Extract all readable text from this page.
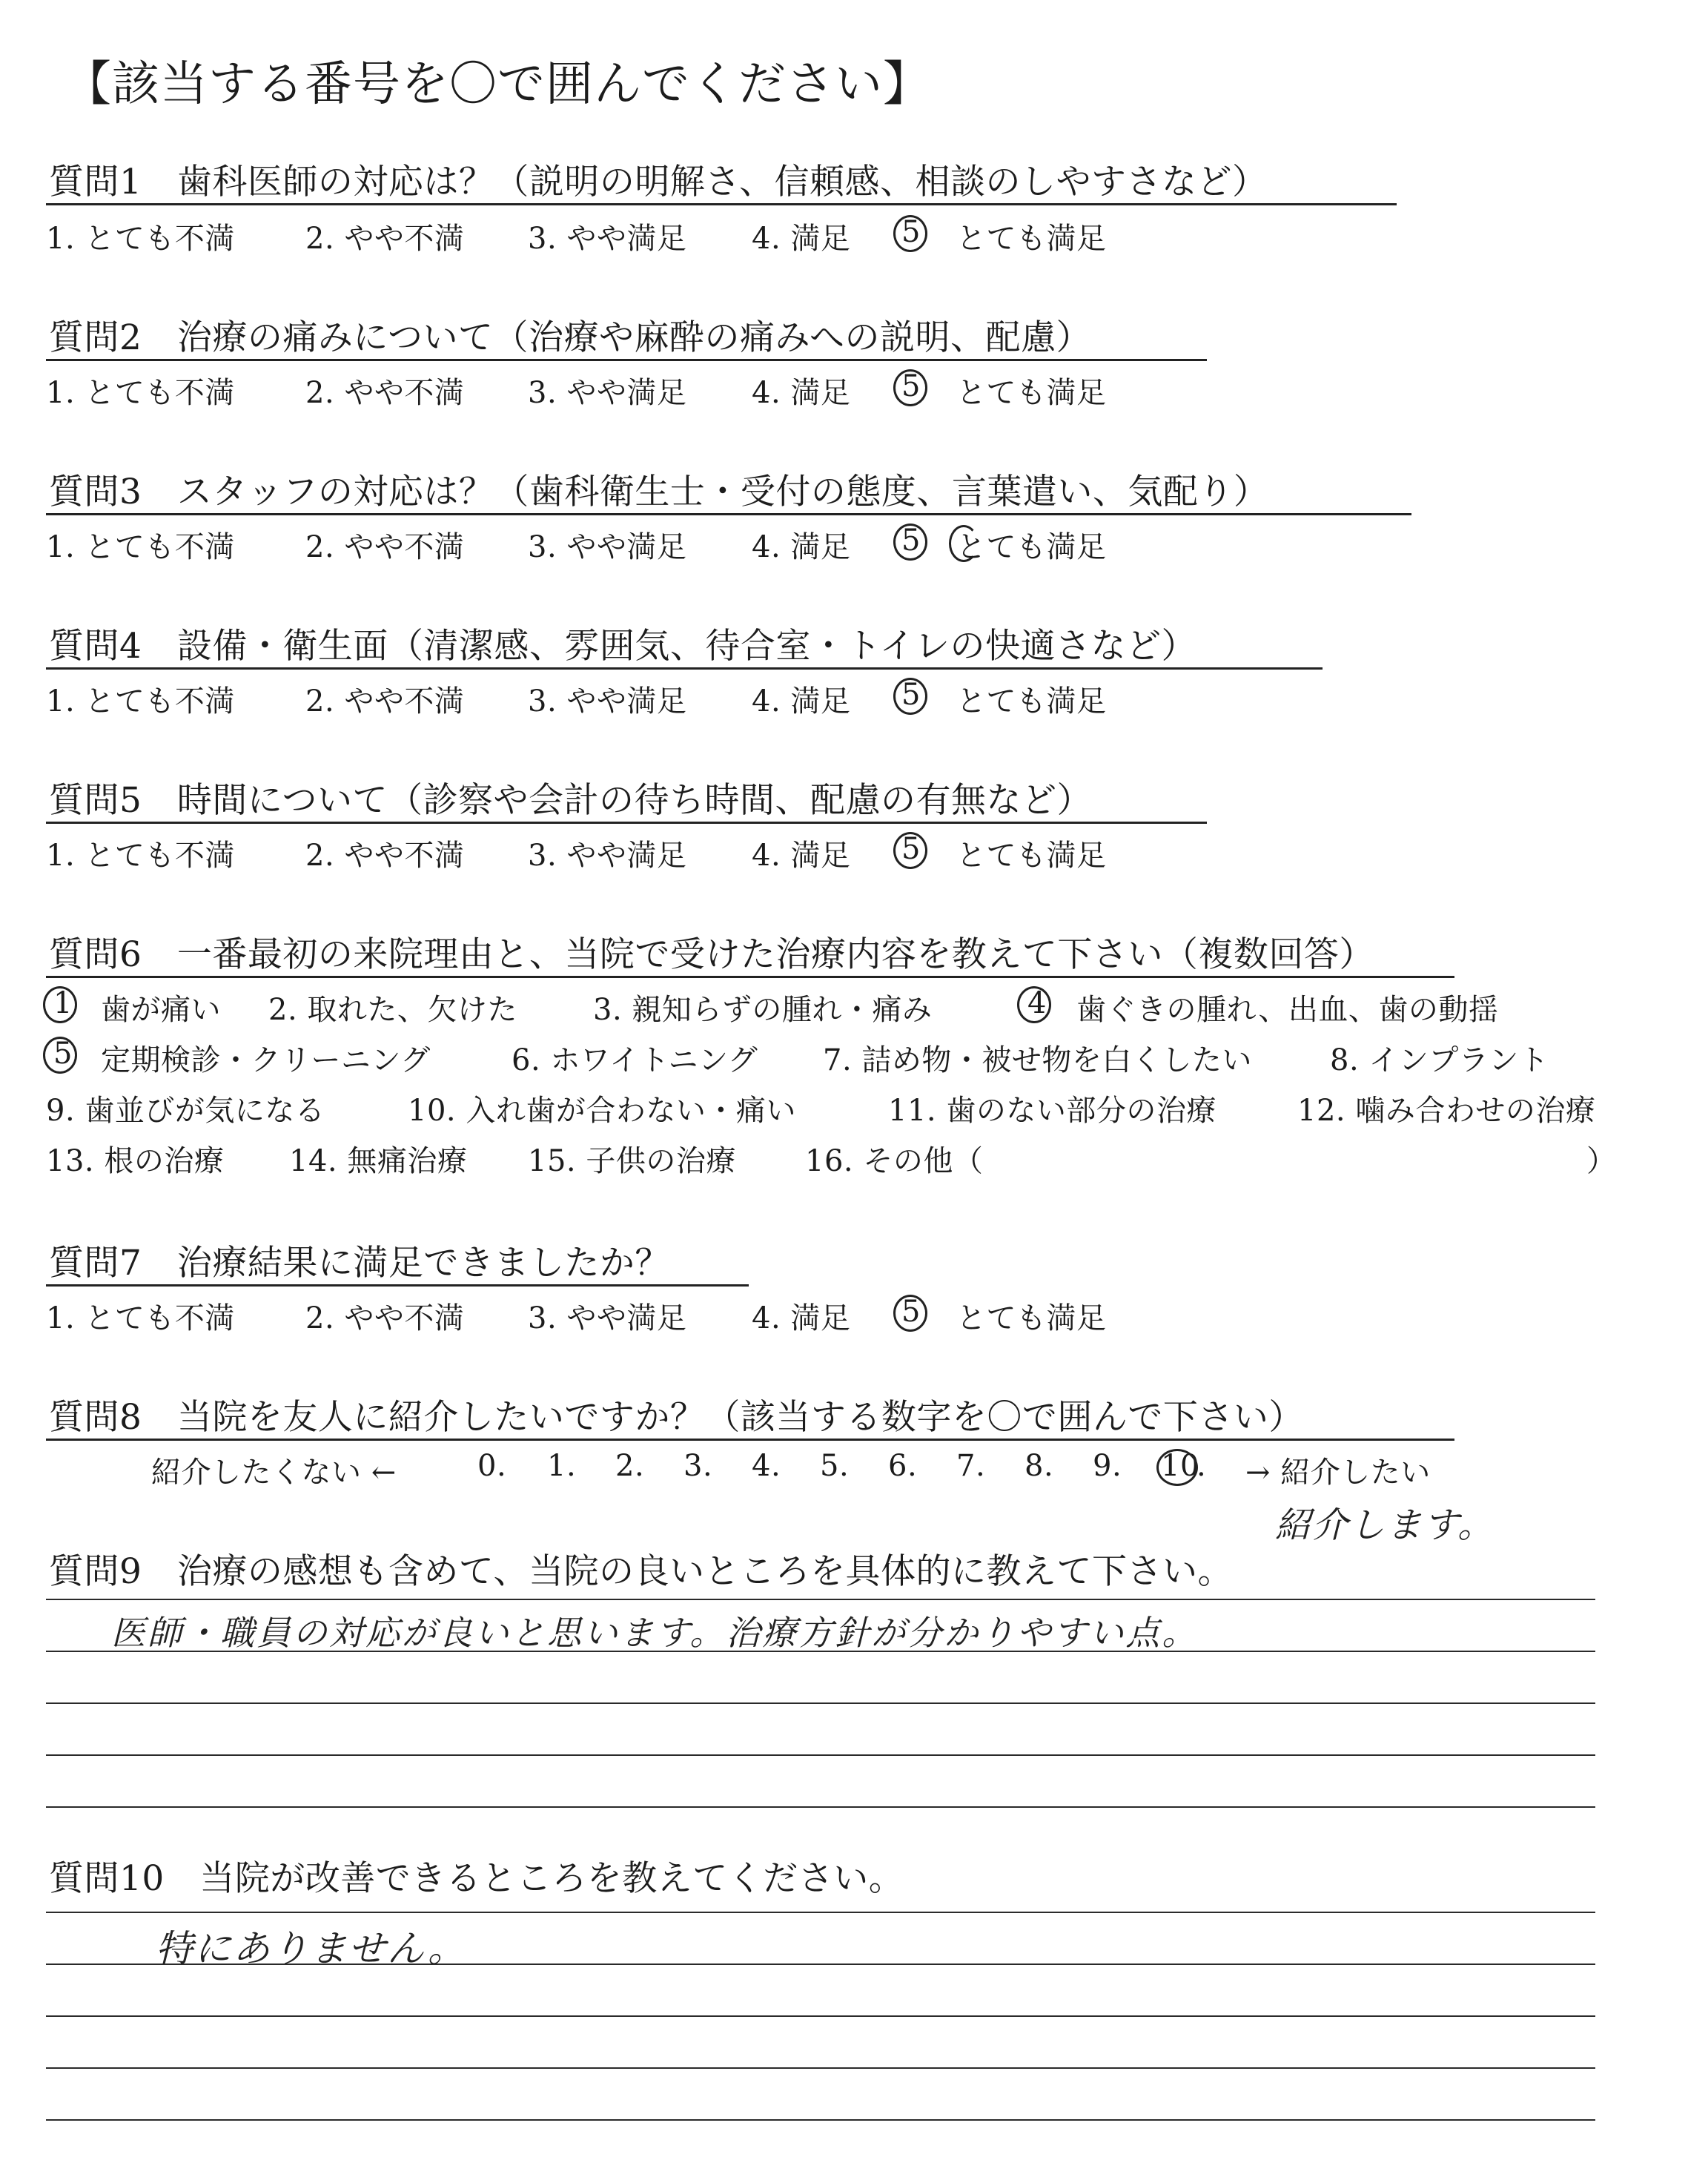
【該当する番号を〇で囲んでください】
質問1　歯科医師の対応は？（説明の明解さ、信頼感、相談のしやすさなど）
1. とても不満 2. やや不満 3. やや満足 4. 満足 5 とても満足
質問2　治療の痛みについて（治療や麻酔の痛みへの説明、配慮）
1. とても不満 2. やや不満 3. やや満足 4. 満足 5 とても満足
質問3　スタッフの対応は？（歯科衛生士・受付の態度、言葉遣い、気配り）
1. とても不満 2. やや不満 3. やや満足 4. 満足 5 とても満足
質問4　設備・衛生面（清潔感、雰囲気、待合室・トイレの快適さなど）
1. とても不満 2. やや不満 3. やや満足 4. 満足 5 とても満足
質問5　時間について（診察や会計の待ち時間、配慮の有無など）
1. とても不満 2. やや不満 3. やや満足 4. 満足 5 とても満足
質問6　一番最初の来院理由と、当院で受けた治療内容を教えて下さい（複数回答）
1 歯が痛い 2. 取れた、欠けた	3. 親知らずの腫れ・痛み	4 歯ぐきの腫れ、出血、歯の動揺
5 定期検診・クリーニング	6. ホワイトニング 7. 詰め物・被せ物を白くしたい	8. インプラント
9. 歯並びが気になる	10. 入れ歯が合わない・痛い	11. 歯のない部分の治療	12. 噛み合わせの治療
13. 根の治療 14. 無痛治療 15. 子供の治療 16. その他（	）
質問7　治療結果に満足できましたか？
1. とても不満 2. やや不満 3. やや満足 4. 満足 5 とても満足
質問8　当院を友人に紹介したいですか？（該当する数字を〇で囲んで下さい）
紹介したくない ←	0. 1. 2. 3. 4. 5. 6. 7. 8. 9. 10
. → 紹介したい
紹介します。
質問9　治療の感想も含めて、当院の良いところを具体的に教えて下さい。
医師・職員の対応が良いと思います。治療方針が分かりやすい点。
質問10　当院が改善できるところを教えてください。
特にありません。
